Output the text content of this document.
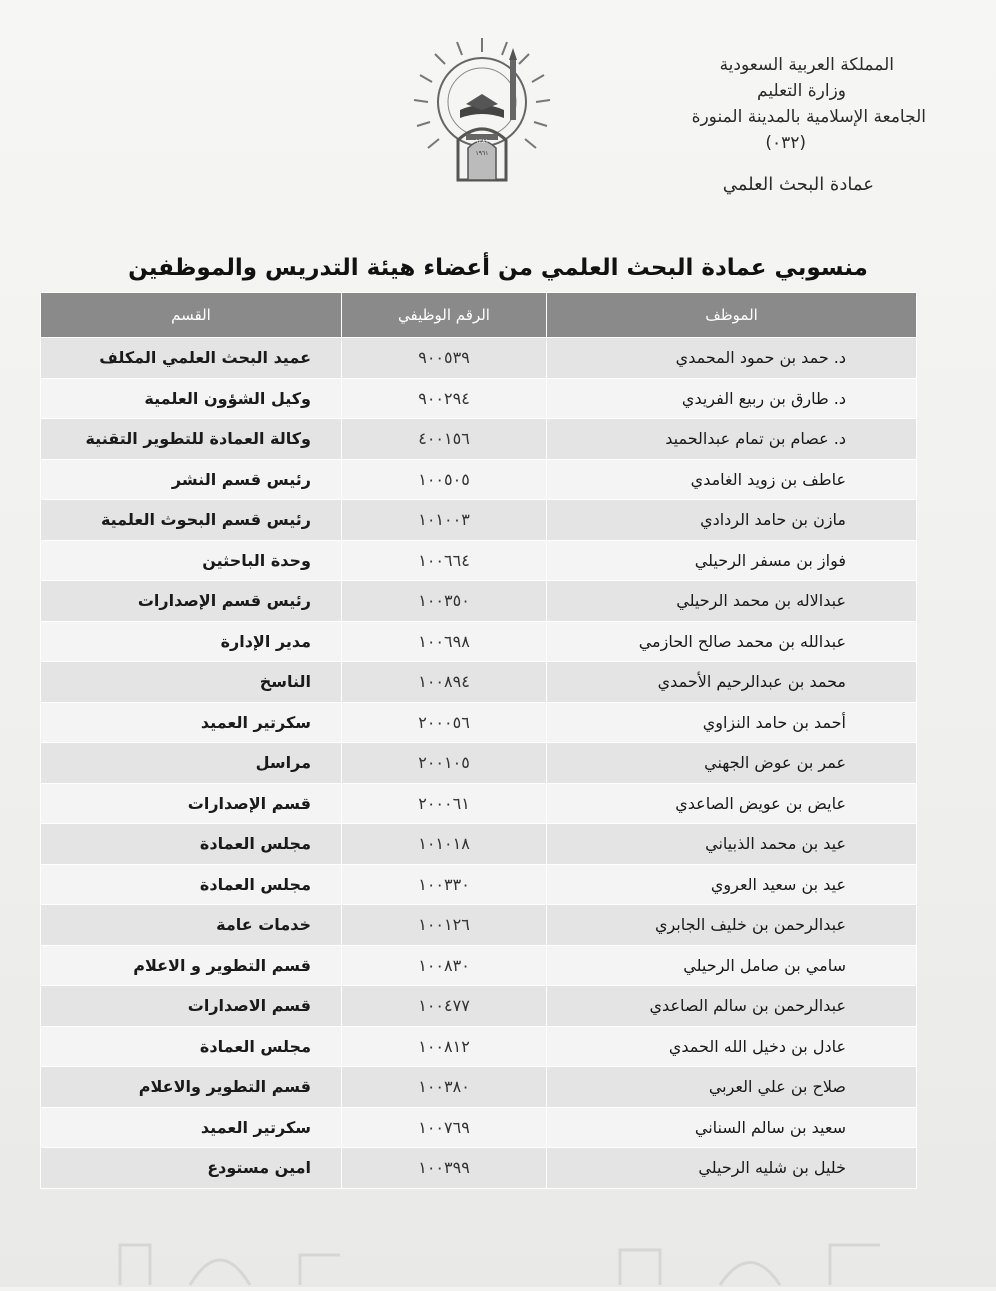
١٣٨١
١٩٦١
المملكة العربية السعودية
وزارة التعليم
الجامعة الإسلامية بالمدينة المنورة
(٠٣٢)
عمادة البحث العلمي
منسوبي عمادة البحث العلمي من أعضاء هيئة التدريس والموظفين
الموظف	الرقم الوظيفي	القسم
د. حمد بن حمود المحمدي	٩٠٠٥٣٩	عميد البحث العلمي المكلف
د. طارق بن ربيع الفريدي	٩٠٠٢٩٤	وكيل الشؤون العلمية
د. عصام بن تمام عبدالحميد	٤٠٠١٥٦	وكالة العمادة للتطوير التقنية
عاطف بن زويد الغامدي	١٠٠٥٠٥	رئيس قسم النشر
مازن بن حامد الردادي	١٠١٠٠٣	رئيس قسم البحوث العلمية
فواز بن مسفر الرحيلي	١٠٠٦٦٤	وحدة الباحثين
عبدالاله بن محمد الرحيلي	١٠٠٣٥٠	رئيس قسم الإصدارات
عبدالله بن محمد صالح الحازمي	١٠٠٦٩٨	مدير الإدارة
محمد بن عبدالرحيم الأحمدي	١٠٠٨٩٤	الناسخ
أحمد بن حامد النزاوي	٢٠٠٠٥٦	سكرتير العميد
عمر بن عوض الجهني	٢٠٠١٠٥	مراسل
عايض بن عويض الصاعدي	٢٠٠٠٦١	قسم الإصدارات
عيد بن محمد الذبياني	١٠١٠١٨	مجلس العمادة
عيد بن سعيد العروي	١٠٠٣٣٠	مجلس العمادة
عبدالرحمن بن خليف الجابري	١٠٠١٢٦	خدمات عامة
سامي بن صامل الرحيلي	١٠٠٨٣٠	قسم التطوير و الاعلام
عبدالرحمن بن سالم الصاعدي	١٠٠٤٧٧	قسم الاصدارات
عادل بن دخيل الله الحمدي	١٠٠٨١٢	مجلس العمادة
صلاح بن علي العربي	١٠٠٣٨٠	قسم التطوير والاعلام
سعيد بن سالم السناني	١٠٠٧٦٩	سكرتير العميد
خليل بن شليه الرحيلي	١٠٠٣٩٩	امين مستودع
